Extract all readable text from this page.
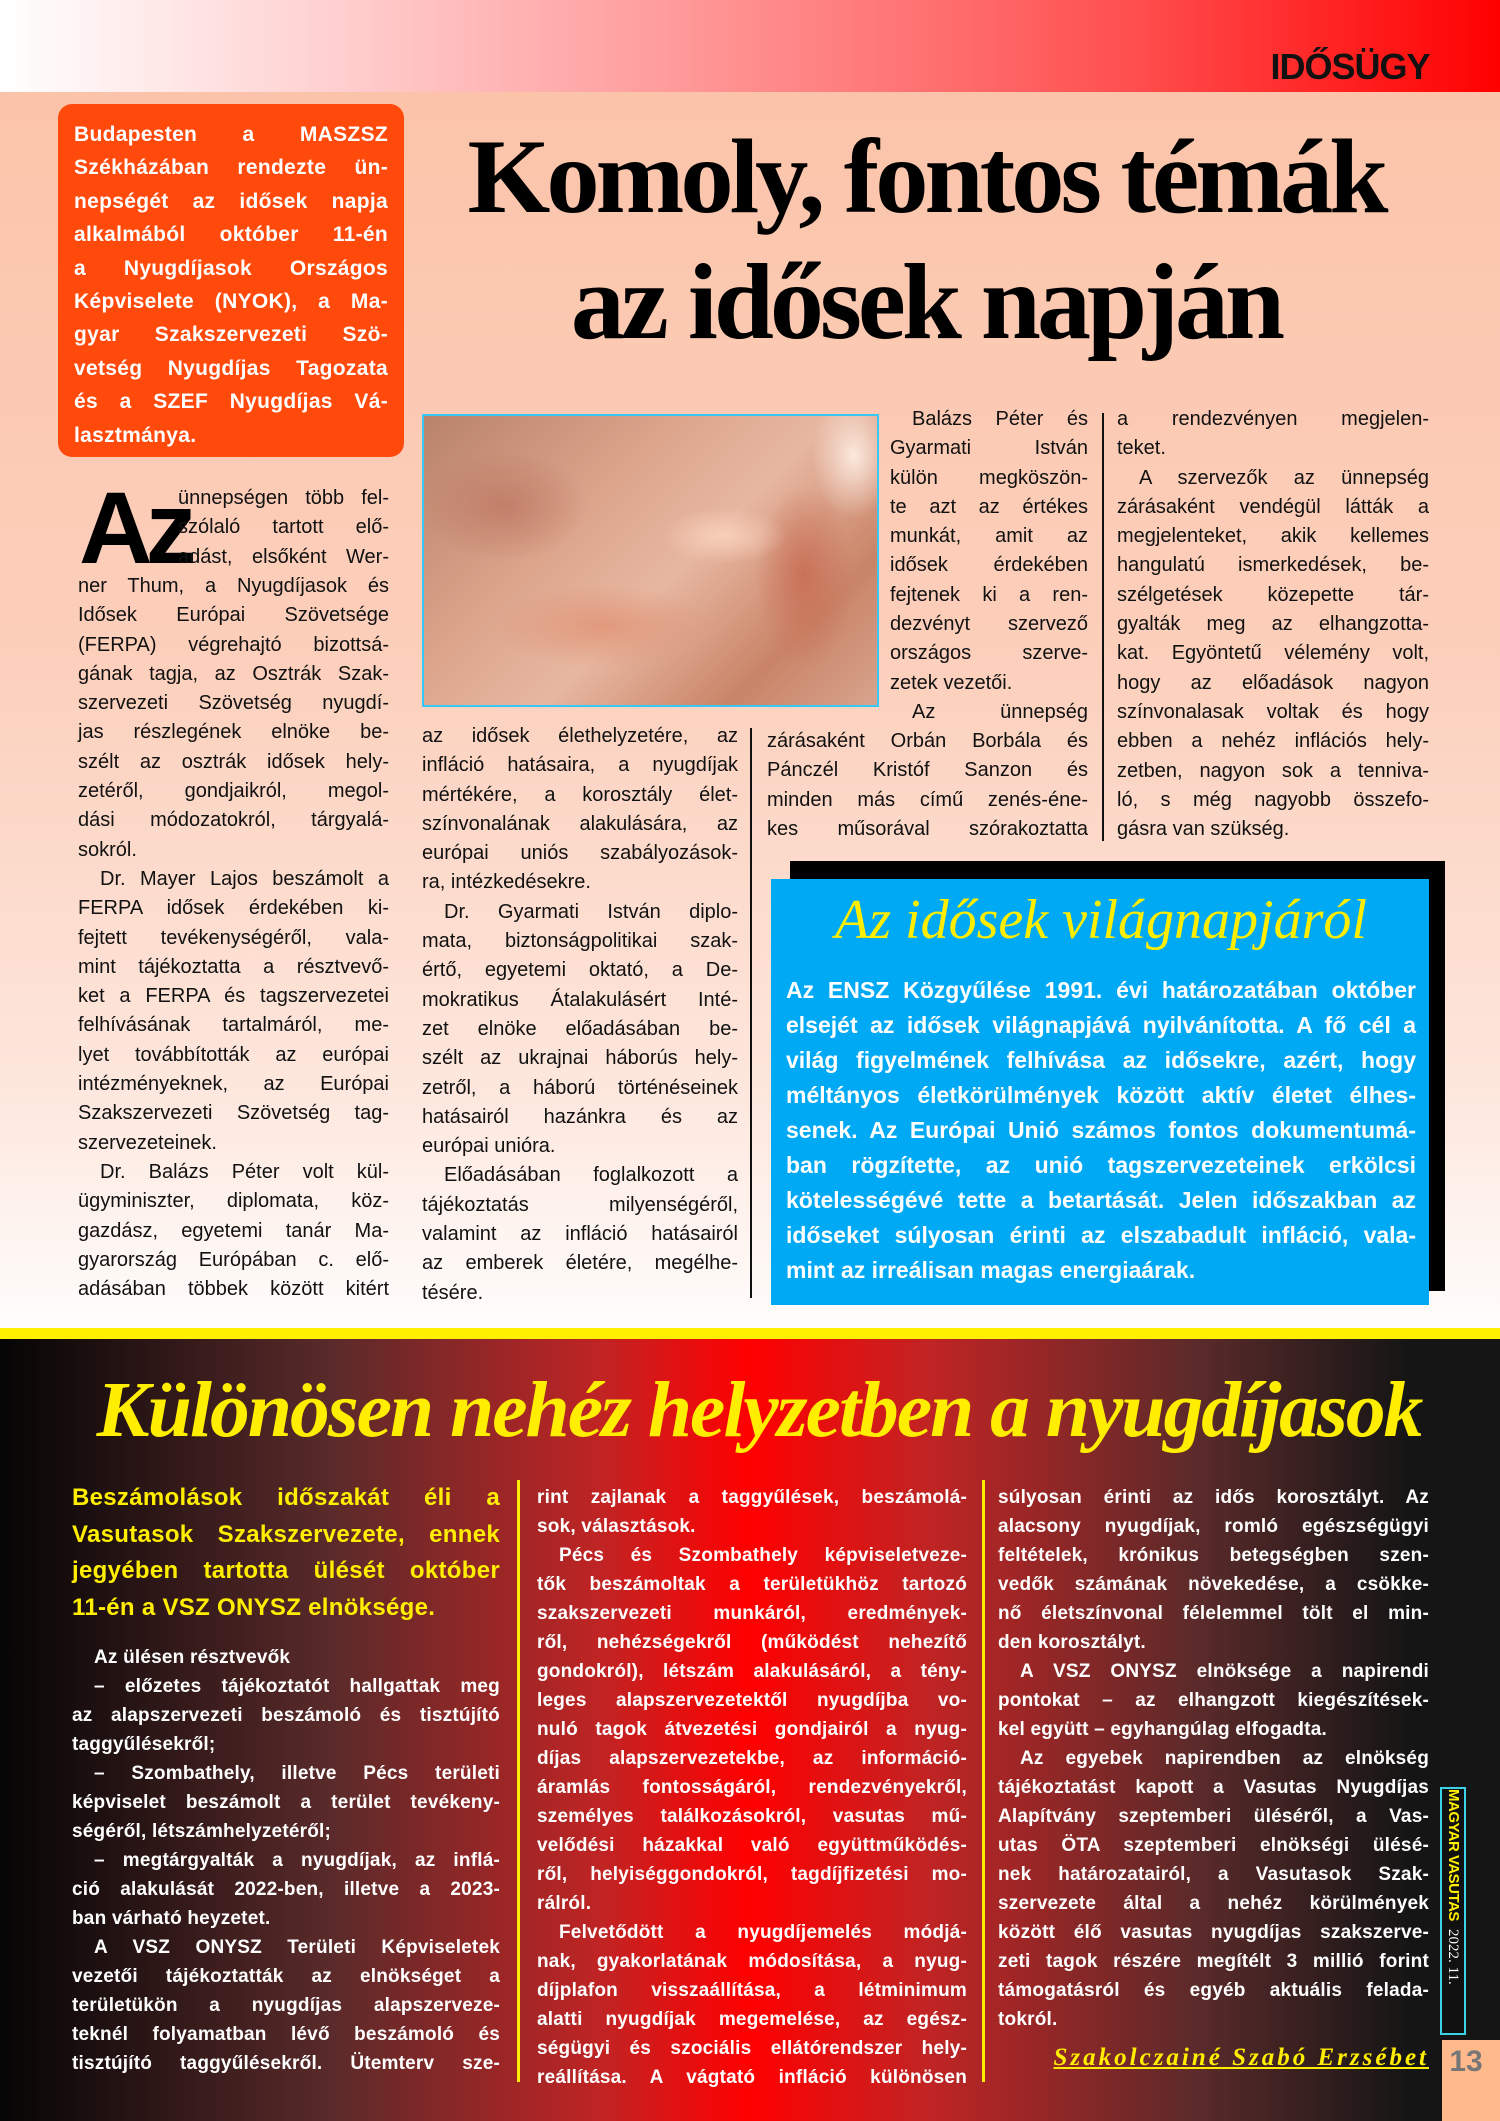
IDŐSÜGY
Budapesten a MASZSZ
Székházában rendezte ün-
nepségét az idősek napja
alkalmából október 11-én
a Nyugdíjasok Országos
Képviselete (NYOK), a Ma-
gyar Szakszervezeti Szö-
vetség Nyugdíjas Tagozata
és a SZEF Nyugdíjas Vá-
lasztmánya.
Komoly, fontos témák
az idősek napján
Az
ünnepségen több fel-
szólaló tartott elő-
adást, elsőként Wer-
ner Thum, a Nyugdíjasok és
Idősek Európai Szövetsége
(FERPA) végrehajtó bizottsá-
gának tagja, az Osztrák Szak-
szervezeti Szövetség nyugdí-
jas részlegének elnöke be-
szélt az osztrák idősek hely-
zetéről, gondjaikról, megol-
dási módozatokról, tárgyalá-
sokról.
Dr. Mayer Lajos beszámolt a
FERPA idősek érdekében ki-
fejtett tevékenységéről, vala-
mint tájékoztatta a résztvevő-
ket a FERPA és tagszervezetei
felhívásának tartalmáról, me-
lyet továbbították az európai
intézményeknek, az Európai
Szakszervezeti Szövetség tag-
szervezeteinek.
Dr. Balázs Péter volt kül-
ügyminiszter, diplomata, köz-
gazdász, egyetemi tanár Ma-
gyarország Európában c. elő-
adásában többek között kitért
az idősek élethelyzetére, az
infláció hatásaira, a nyugdíjak
mértékére, a korosztály élet-
színvonalának alakulására, az
európai uniós szabályozások-
ra, intézkedésekre.
Dr. Gyarmati István diplo-
mata, biztonságpolitikai szak-
értő, egyetemi oktató, a De-
mokratikus Átalakulásért Inté-
zet elnöke előadásában be-
szélt az ukrajnai háborús hely-
zetről, a háború történéseinek
hatásairól hazánkra és az
európai unióra.
Előadásában foglalkozott a
tájékoztatás milyenségéről,
valamint az infláció hatásairól
az emberek életére, megélhe-
tésére.
Balázs Péter és
Gyarmati István
külön megköszön-
te azt az értékes
munkát, amit az
idősek érdekében
fejtenek ki a ren-
dezvényt szervező
országos szerve-
zetek vezetői.
Az ünnepség
zárásaként Orbán Borbála és
Pánczél Kristóf Sanzon és
minden más című zenés-éne-
kes műsorával szórakoztatta
a rendezvényen megjelen-
teket.
A szervezők az ünnepség
zárásaként vendégül látták a
megjelenteket, akik kellemes
hangulatú ismerkedések, be-
szélgetések közepette tár-
gyalták meg az elhangzotta-
kat. Egyöntetű vélemény volt,
hogy az előadások nagyon
színvonalasak voltak és hogy
ebben a nehéz inflációs hely-
zetben, nagyon sok a tenniva-
ló, s még nagyobb összefo-
gásra van szükség.
Az idősek világnapjáról
Az ENSZ Közgyűlése 1991. évi határozatában október
elsejét az idősek világnapjává nyilvánította. A fő cél a
világ figyelmének felhívása az idősekre, azért, hogy
méltányos életkörülmények között aktív életet élhes-
senek. Az Európai Unió számos fontos dokumentumá-
ban rögzítette, az unió tagszervezeteinek erkölcsi
kötelességévé tette a betartását. Jelen időszakban az
időseket súlyosan érinti az elszabadult infláció, vala-
mint az irreálisan magas energiaárak.
Különösen nehéz helyzetben a nyugdíjasok
Beszámolások időszakát éli a
Vasutasok Szakszervezete, ennek
jegyében tartotta ülését október
11-én a VSZ ONYSZ elnöksége.
Az ülésen résztvevők
– előzetes tájékoztatót hallgattak meg
az alapszervezeti beszámoló és tisztújító
taggyűlésekről;
– Szombathely, illetve Pécs területi
képviselet beszámolt a terület tevékeny-
ségéről, létszámhelyzetéről;
– megtárgyalták a nyugdíjak, az inflá-
ció alakulását 2022-ben, illetve a 2023-
ban várható heyzetet.
A VSZ ONYSZ Területi Képviseletek
vezetői tájékoztatták az elnökséget a
területükön a nyugdíjas alapszerveze-
teknél folyamatban lévő beszámoló és
tisztújító taggyűlésekről. Ütemterv sze-
rint zajlanak a taggyűlések, beszámolá-
sok, választások.
Pécs és Szombathely képviseletveze-
tők beszámoltak a területükhöz tartozó
szakszervezeti munkáról, eredmények-
ről, nehézségekről (működést nehezítő
gondokról), létszám alakulásáról, a tény-
leges alapszervezetektől nyugdíjba vo-
nuló tagok átvezetési gondjairól a nyug-
díjas alapszervezetekbe, az információ-
áramlás fontosságáról, rendezvényekről,
személyes találkozásokról, vasutas mű-
velődési házakkal való együttműködés-
ről, helyiséggondokról, tagdíjfizetési mo-
rálról.
Felvetődött a nyugdíjemelés módjá-
nak, gyakorlatának módosítása, a nyug-
díjplafon visszaállítása, a létminimum
alatti nyugdíjak megemelése, az egész-
ségügyi és szociális ellátórendszer hely-
reállítása. A vágtató infláció különösen
súlyosan érinti az idős korosztályt. Az
alacsony nyugdíjak, romló egészségügyi
feltételek, krónikus betegségben szen-
vedők számának növekedése, a csökke-
nő életszínvonal félelemmel tölt el min-
den korosztályt.
A VSZ ONYSZ elnöksége a napirendi
pontokat – az elhangzott kiegészítések-
kel együtt – egyhangúlag elfogadta.
Az egyebek napirendben az elnökség
tájékoztatást kapott a Vasutas Nyugdíjas
Alapítvány szeptemberi üléséről, a Vas-
utas ÖTA szeptemberi elnökségi ülésé-
nek határozatairól, a Vasutasok Szak-
szervezete által a nehéz körülmények
között élő vasutas nyugdíjas szakszerve-
zeti tagok részére megítélt 3 millió forint
támogatásról és egyéb aktuális felada-
tokról.
Szakolczainé Szabó Erzsébet
MAGYAR VASUTAS 2022. 11.
13
